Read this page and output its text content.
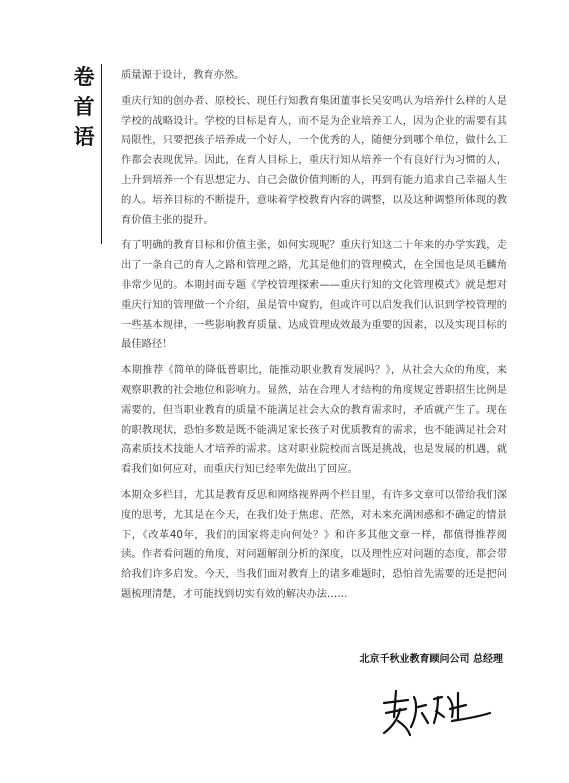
卷
首
语

质量源于设计，教育亦然。

重庆行知的创办者、原校长、现任行知教育集团董事长吴安鸣认为培养什么样的人是学校的战略设计。学校的目标是育人，而不是为企业培养工人，因为企业的需要有其局限性，只要把孩子培养成一个好人，一个优秀的人，随便分到哪个单位，做什么工作都会表现优异。因此，在育人目标上，重庆行知从培养一个有良好行为习惯的人，上升到培养一个有思想定力、自己会做价值判断的人，再到有能力追求自己幸福人生的人。培养目标的不断提升，意味着学校教育内容的调整，以及这种调整所体现的教育价值主张的提升。

有了明确的教育目标和价值主张，如何实现呢？重庆行知这二十年来的办学实践，走出了一条自己的育人之路和管理之路，尤其是他们的管理模式，在全国也是凤毛麟角非常少见的。本期封面专题《学校管理探索——重庆行知的文化管理模式》就是想对重庆行知的管理做一个介绍，虽是管中窥豹，但或许可以启发我们认识到学校管理的一些基本规律，一些影响教育质量、达成管理成效最为重要的因素，以及实现目标的最佳路径！

本期推荐《简单的降低普职比，能推动职业教育发展吗？》，从社会大众的角度，来观察职教的社会地位和影响力。显然，站在合理人才结构的角度规定普职招生比例是需要的，但当职业教育的质量不能满足社会大众的教育需求时，矛盾就产生了。现在的职教现状，恐怕多数是既不能满足家长孩子对优质教育的需求，也不能满足社会对高素质技术技能人才培养的需求。这对职业院校而言既是挑战，也是发展的机遇，就看我们如何应对，而重庆行知已经率先做出了回应。

本期众多栏目，尤其是教育反思和网络视界两个栏目里，有许多文章可以带给我们深度的思考，尤其是在今天，在我们处于焦虑、茫然，对未来充满困惑和不确定的情景下，《改革40年，我们的国家将走向何处？》和许多其他文章一样，都值得推荐阅读。作者看问题的角度，对问题解剖分析的深度，以及理性应对问题的态度，都会带给我们许多启发。今天，当我们面对教育上的诸多难题时，恐怕首先需要的还是把问题梳理清楚，才可能找到切实有效的解决办法……

北京千秋业教育顾问公司 总经理
